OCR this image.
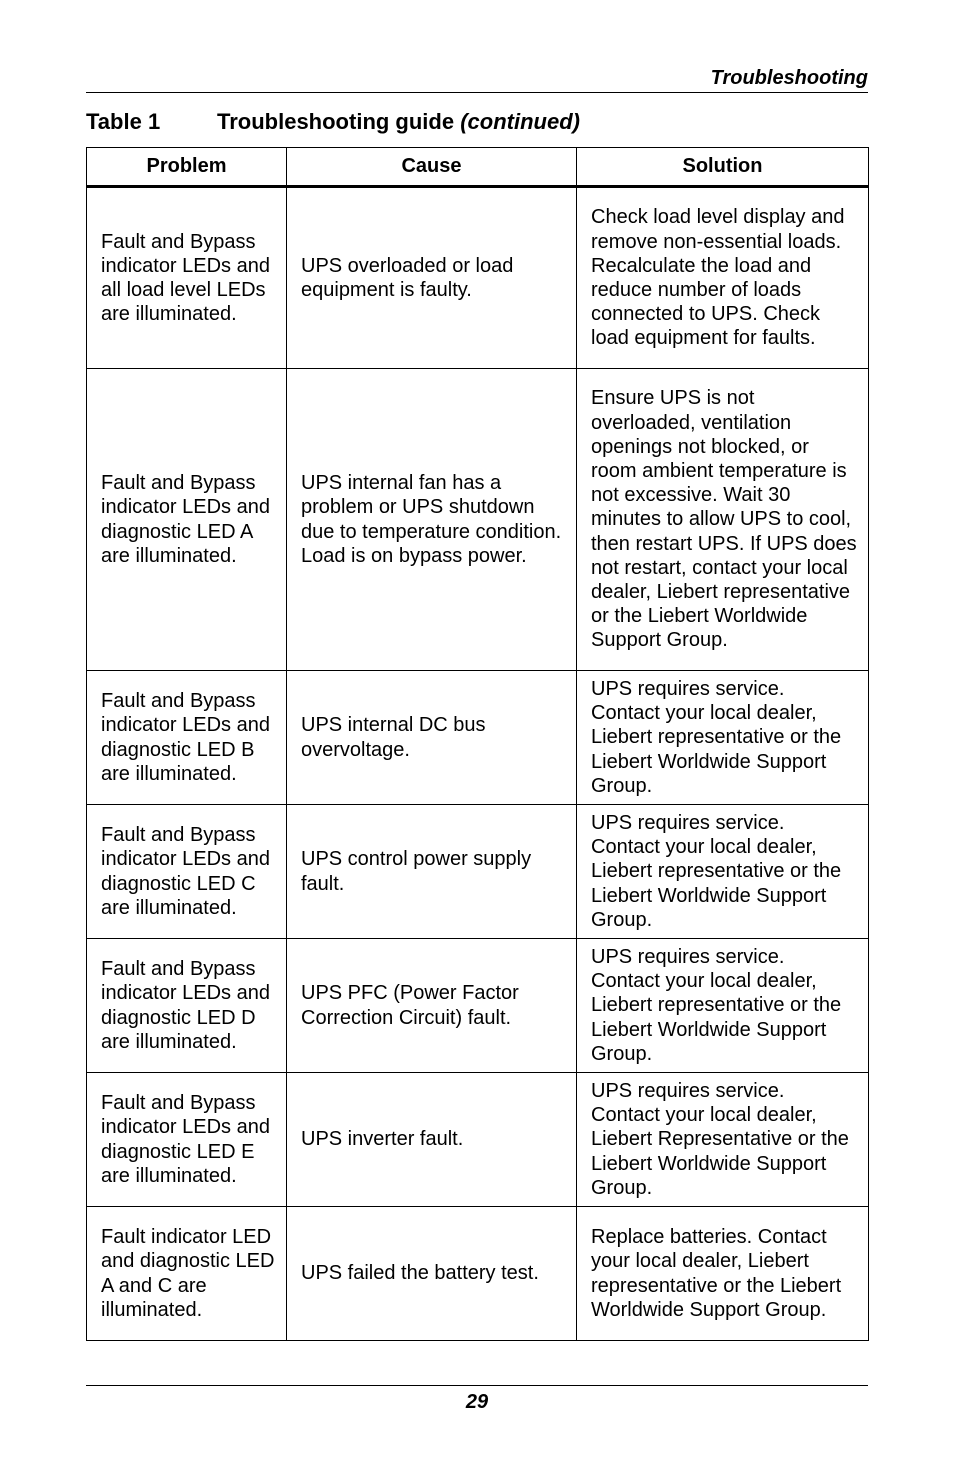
Troubleshooting
Table 1	Troubleshooting guide (continued)
Problem	Cause	Solution
Fault and Bypass indicator LEDs and all load level LEDs are illuminated.	UPS overloaded or load equipment is faulty.	Check load level display and remove non-essential loads. Recalculate the load and reduce number of loads connected to UPS. Check load equipment for faults.
Fault and Bypass indicator LEDs and diagnostic LED A are illuminated.	UPS internal fan has a problem or UPS shutdown due to temperature condition. Load is on bypass power.	Ensure UPS is not overloaded, ventilation openings not blocked, or room ambient temperature is not excessive. Wait 30 minutes to allow UPS to cool, then restart UPS. If UPS does not restart, contact your local dealer, Liebert representative or the Liebert Worldwide Support Group.
Fault and Bypass indicator LEDs and diagnostic LED B are illuminated.	UPS internal DC bus overvoltage.	UPS requires service. Contact your local dealer, Liebert representative or the Liebert Worldwide Support Group.
Fault and Bypass indicator LEDs and diagnostic LED C are illuminated.	UPS control power supply fault.	UPS requires service. Contact your local dealer, Liebert representative or the Liebert Worldwide Support Group.
Fault and Bypass indicator LEDs and diagnostic LED D are illuminated.	UPS PFC (Power Factor Correction Circuit) fault.	UPS requires service. Contact your local dealer, Liebert representative or the Liebert Worldwide Support Group.
Fault and Bypass indicator LEDs and diagnostic LED E are illuminated.	UPS inverter fault.	UPS requires service. Contact your local dealer, Liebert Representative or the Liebert Worldwide Support Group.
Fault indicator LED and diagnostic LED A and C are illuminated.	UPS failed the battery test.	Replace batteries. Contact your local dealer, Liebert representative or the Liebert Worldwide Support Group.
29
